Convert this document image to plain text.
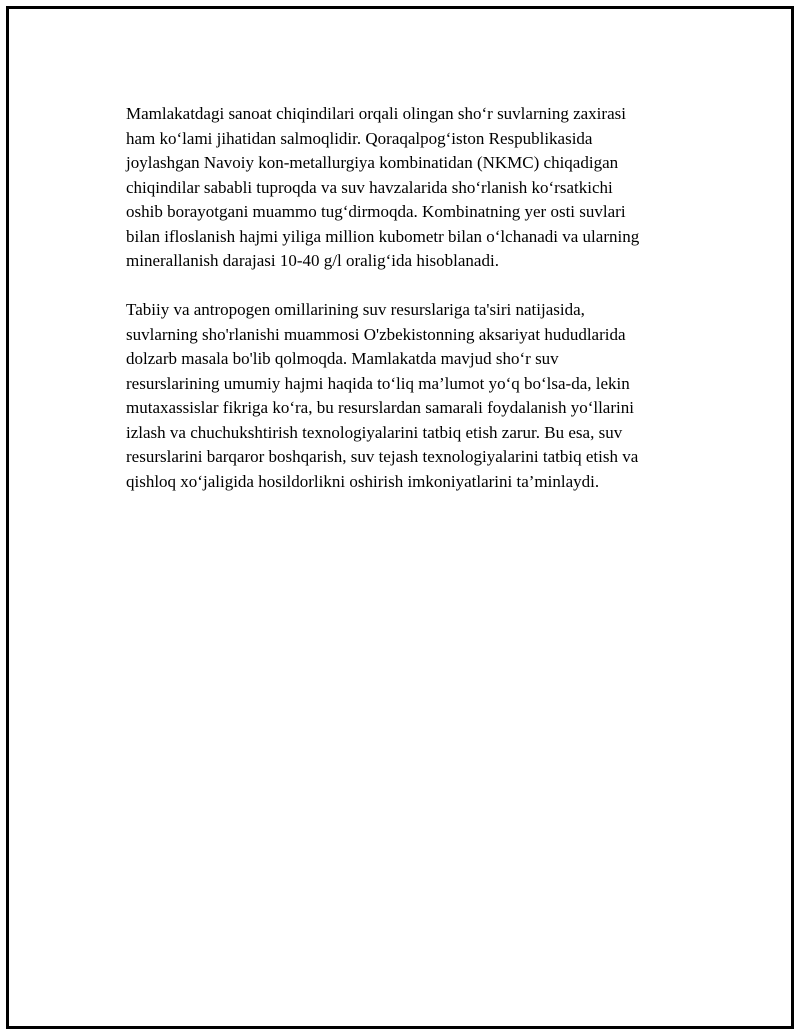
Mamlakatdagi sanoat chiqindilari orqali olingan sho‘r suvlarning zaxirasi
ham ko‘lami jihatidan salmoqlidir. Qoraqalpog‘iston Respublikasida
joylashgan Navoiy kon-metallurgiya kombinatidan (NKMC) chiqadigan
chiqindilar sababli tuproqda va suv havzalarida sho‘rlanish ko‘rsatkichi
oshib borayotgani muammo tug‘dirmoqda. Kombinatning yer osti suvlari
bilan ifloslanish hajmi yiliga million kubometr bilan o‘lchanadi va ularning
minerallanish darajasi 10-40 g/l oralig‘ida hisoblanadi.

Tabiiy va antropogen omillarining suv resurslariga ta'siri natijasida,
suvlarning sho'rlanishi muammosi O'zbekistonning aksariyat hududlarida
dolzarb masala bo'lib qolmoqda. Mamlakatda mavjud sho‘r suv
resurslarining umumiy hajmi haqida to‘liq ma’lumot yo‘q bo‘lsa-da, lekin
mutaxassislar fikriga ko‘ra, bu resurslardan samarali foydalanish yo‘llarini
izlash va chuchukshtirish texnologiyalarini tatbiq etish zarur. Bu esa, suv
resurslarini barqaror boshqarish, suv tejash texnologiyalarini tatbiq etish va
qishloq xo‘jaligida hosildorlikni oshirish imkoniyatlarini ta’minlaydi.
